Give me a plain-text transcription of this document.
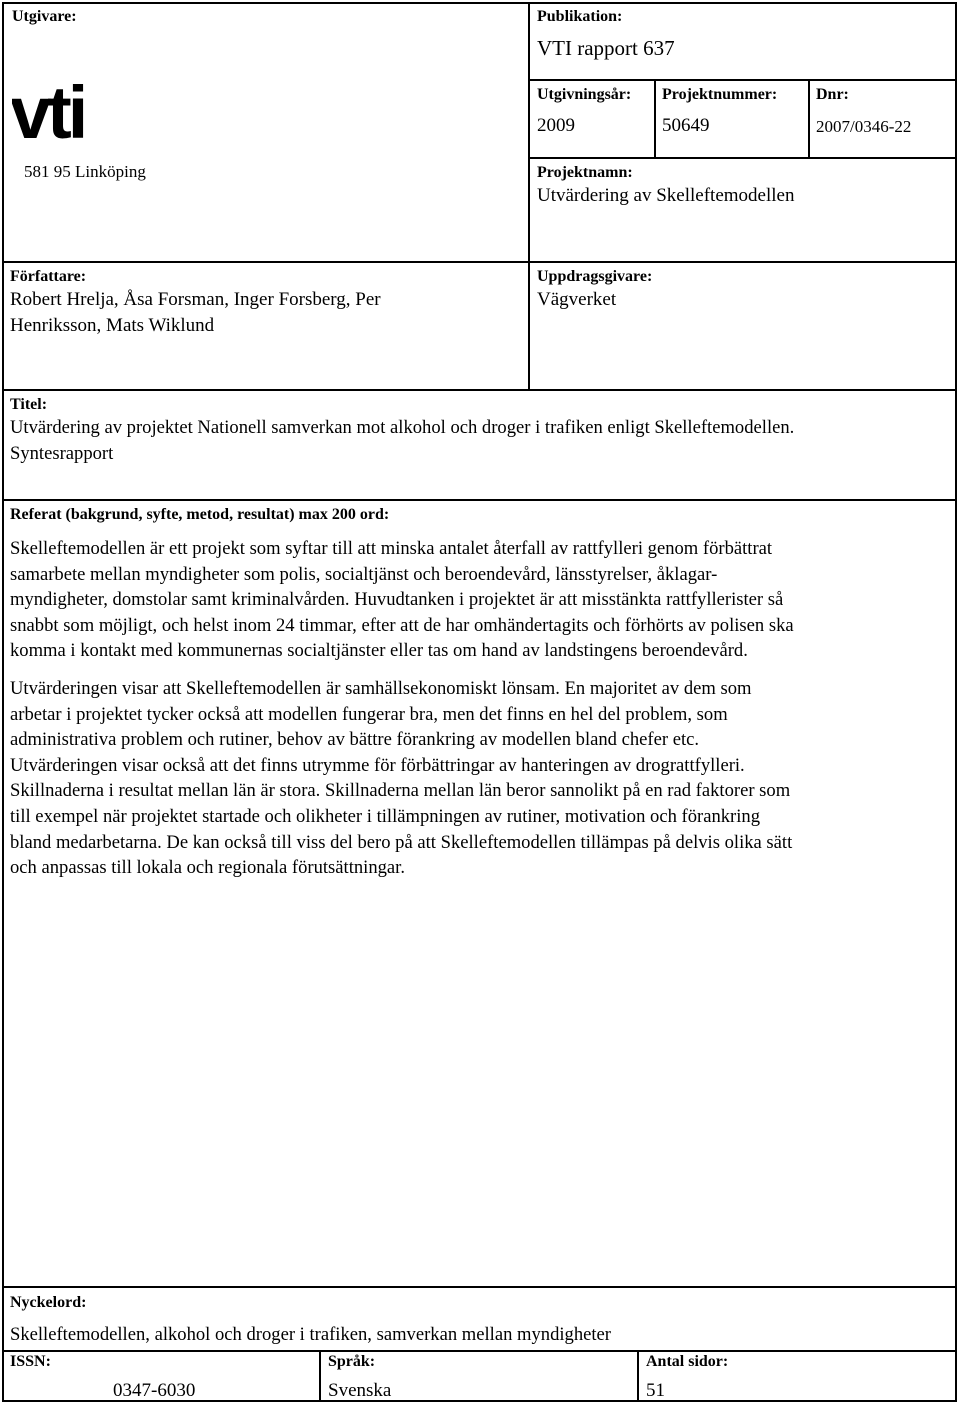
Utgivare:
vti
581 95 Linköping
Publikation:
VTI rapport 637
Utgivningsår:
2009
Projektnummer:
50649
Dnr:
2007/0346-22
Projektnamn:
Utvärdering av Skelleftemodellen
Författare:
Robert Hrelja, Åsa Forsman, Inger Forsberg, Per
Henriksson, Mats Wiklund
Uppdragsgivare:
Vägverket
Titel:
Utvärdering av projektet Nationell samverkan mot alkohol och droger i trafiken enligt Skelleftemodellen.
Syntesrapport
Referat (bakgrund, syfte, metod, resultat) max 200 ord:
Skelleftemodellen är ett projekt som syftar till att minska antalet återfall av rattfylleri genom förbättrat
samarbete mellan myndigheter som polis, socialtjänst och beroendevård, länsstyrelser, åklagar-
myndigheter, domstolar samt kriminalvården. Huvudtanken i projektet är att misstänkta rattfyllerister så
snabbt som möjligt, och helst inom 24 timmar, efter att de har omhändertagits och förhörts av polisen ska
komma i kontakt med kommunernas socialtjänster eller tas om hand av landstingens beroendevård.
Utvärderingen visar att Skelleftemodellen är samhällsekonomiskt lönsam. En majoritet av dem som
arbetar i projektet tycker också att modellen fungerar bra, men det finns en hel del problem, som
administrativa problem och rutiner, behov av bättre förankring av modellen bland chefer etc.
Utvärderingen visar också att det finns utrymme för förbättringar av hanteringen av drograttfylleri.
Skillnaderna i resultat mellan län är stora. Skillnaderna mellan län beror sannolikt på en rad faktorer som
till exempel när projektet startade och olikheter i tillämpningen av rutiner, motivation och förankring
bland medarbetarna. De kan också till viss del bero på att Skelleftemodellen tillämpas på delvis olika sätt
och anpassas till lokala och regionala förutsättningar.
Nyckelord:
Skelleftemodellen, alkohol och droger i trafiken, samverkan mellan myndigheter
ISSN:
0347-6030
Språk:
Svenska
Antal sidor:
51
